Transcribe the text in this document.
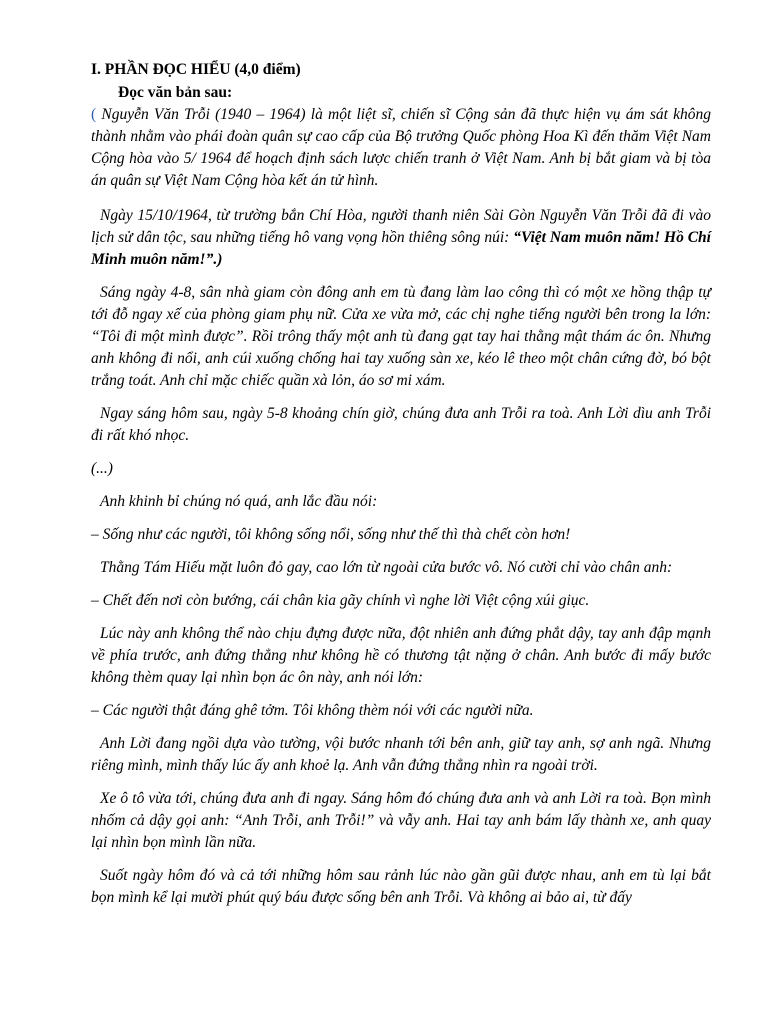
I. PHẦN ĐỌC HIỂU (4,0 điểm)
Đọc văn bản sau:

( Nguyễn Văn Trỗi (1940 – 1964) là một liệt sĩ, chiến sĩ Cộng sản đã thực hiện vụ ám sát không thành nhằm vào phái đoàn quân sự cao cấp của Bộ trưởng Quốc phòng Hoa Kì đến thăm Việt Nam Cộng hòa vào 5/ 1964 để hoạch định sách lược chiến tranh ở Việt Nam. Anh bị bắt giam và bị tòa án quân sự Việt Nam Cộng hòa kết án tử hình.

Ngày 15/10/1964, từ trường bắn Chí Hòa, người thanh niên Sài Gòn Nguyễn Văn Trỗi đã đi vào lịch sử dân tộc, sau những tiếng hô vang vọng hồn thiêng sông núi: “Việt Nam muôn năm! Hồ Chí Minh muôn năm!”.)

Sáng ngày 4-8, sân nhà giam còn đông anh em tù đang làm lao công thì có một xe hồng thập tự tới đỗ ngay xế của phòng giam phụ nữ. Cửa xe vừa mở, các chị nghe tiếng người bên trong la lớn: “Tôi đi một mình được”. Rồi trông thấy một anh tù đang gạt tay hai thằng mật thám ác ôn. Nhưng anh không đi nổi, anh cúi xuống chống hai tay xuống sàn xe, kéo lê theo một chân cứng đờ, bó bột trắng toát. Anh chỉ mặc chiếc quần xà lỏn, áo sơ mi xám.

Ngay sáng hôm sau, ngày 5-8 khoảng chín giờ, chúng đưa anh Trỗi ra toà. Anh Lời dìu anh Trỗi đi rất khó nhọc.

(...)

Anh khinh bỉ chúng nó quá, anh lắc đầu nói:

– Sống như các người, tôi không sống nổi, sống như thế thì thà chết còn hơn!

Thằng Tám Hiếu mặt luôn đỏ gay, cao lớn từ ngoài cửa bước vô. Nó cười chỉ vào chân anh:

– Chết đến nơi còn bướng, cái chân kia gãy chính vì nghe lời Việt cộng xúi giục.

Lúc này anh không thể nào chịu đựng được nữa, đột nhiên anh đứng phắt dậy, tay anh đập mạnh về phía trước, anh đứng thẳng như không hề có thương tật nặng ở chân. Anh bước đi mấy bước không thèm quay lại nhìn bọn ác ôn này, anh nói lớn:

– Các người thật đáng ghê tởm. Tôi không thèm nói với các người nữa.

Anh Lời đang ngồi dựa vào tường, vội bước nhanh tới bên anh, giữ tay anh, sợ anh ngã. Nhưng riêng mình, mình thấy lúc ấy anh khoẻ lạ. Anh vẫn đứng thẳng nhìn ra ngoài trời.

Xe ô tô vừa tới, chúng đưa anh đi ngay. Sáng hôm đó chúng đưa anh và anh Lời ra toà. Bọn mình nhốm cả dậy gọi anh: “Anh Trỗi, anh Trỗi!” và vẫy anh. Hai tay anh bám lấy thành xe, anh quay lại nhìn bọn mình lần nữa.

Suốt ngày hôm đó và cả tới những hôm sau rảnh lúc nào gần gũi được nhau, anh em tù lại bắt bọn mình kể lại mười phút quý báu được sống bên anh Trỗi. Và không ai bảo ai, từ đấy
